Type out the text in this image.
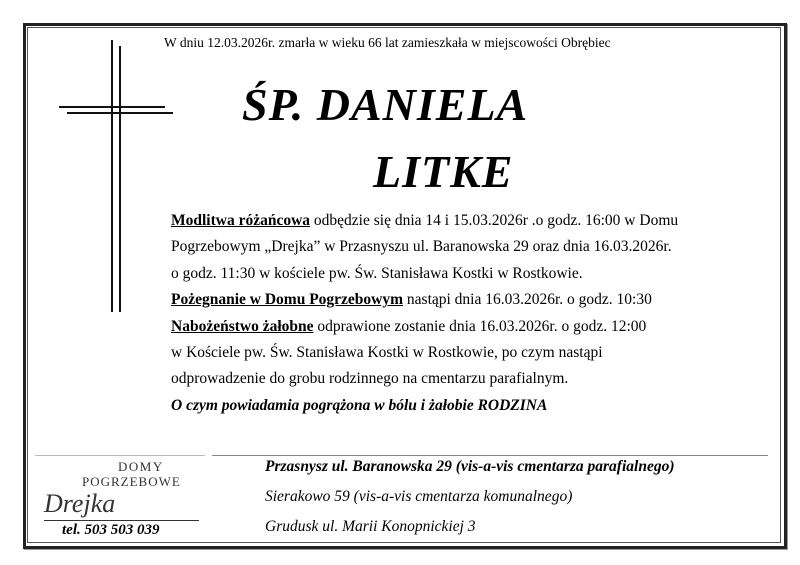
W dniu 12.03.2026r. zmarła w wieku 66 lat zamieszkała w miejscowości Obrębiec
ŚP. DANIELA
LITKE
Modlitwa różańcowa odbędzie się dnia 14 i 15.03.2026r .o godz. 16:00 w Domu
Pogrzebowym „Drejka” w Przasnyszu ul. Baranowska 29 oraz dnia 16.03.2026r.
o godz. 11:30 w kościele pw. Św. Stanisława Kostki w Rostkowie.
Pożegnanie w Domu Pogrzebowym nastąpi dnia 16.03.2026r. o godz. 10:30
Nabożeństwo żałobne odprawione zostanie dnia 16.03.2026r. o godz. 12:00
w Kościele pw. Św. Stanisława Kostki w Rostkowie, po czym nastąpi
odprowadzenie do grobu rodzinnego na cmentarzu parafialnym.
O czym powiadamia pogrążona w bólu i żałobie RODZINA
DOMY
POGRZEBOWE
Drejka
tel. 503 503 039
Przasnysz ul. Baranowska 29 (vis-a-vis cmentarza parafialnego)
Sierakowo 59 (vis-a-vis cmentarza komunalnego)
Grudusk ul. Marii Konopnickiej 3
